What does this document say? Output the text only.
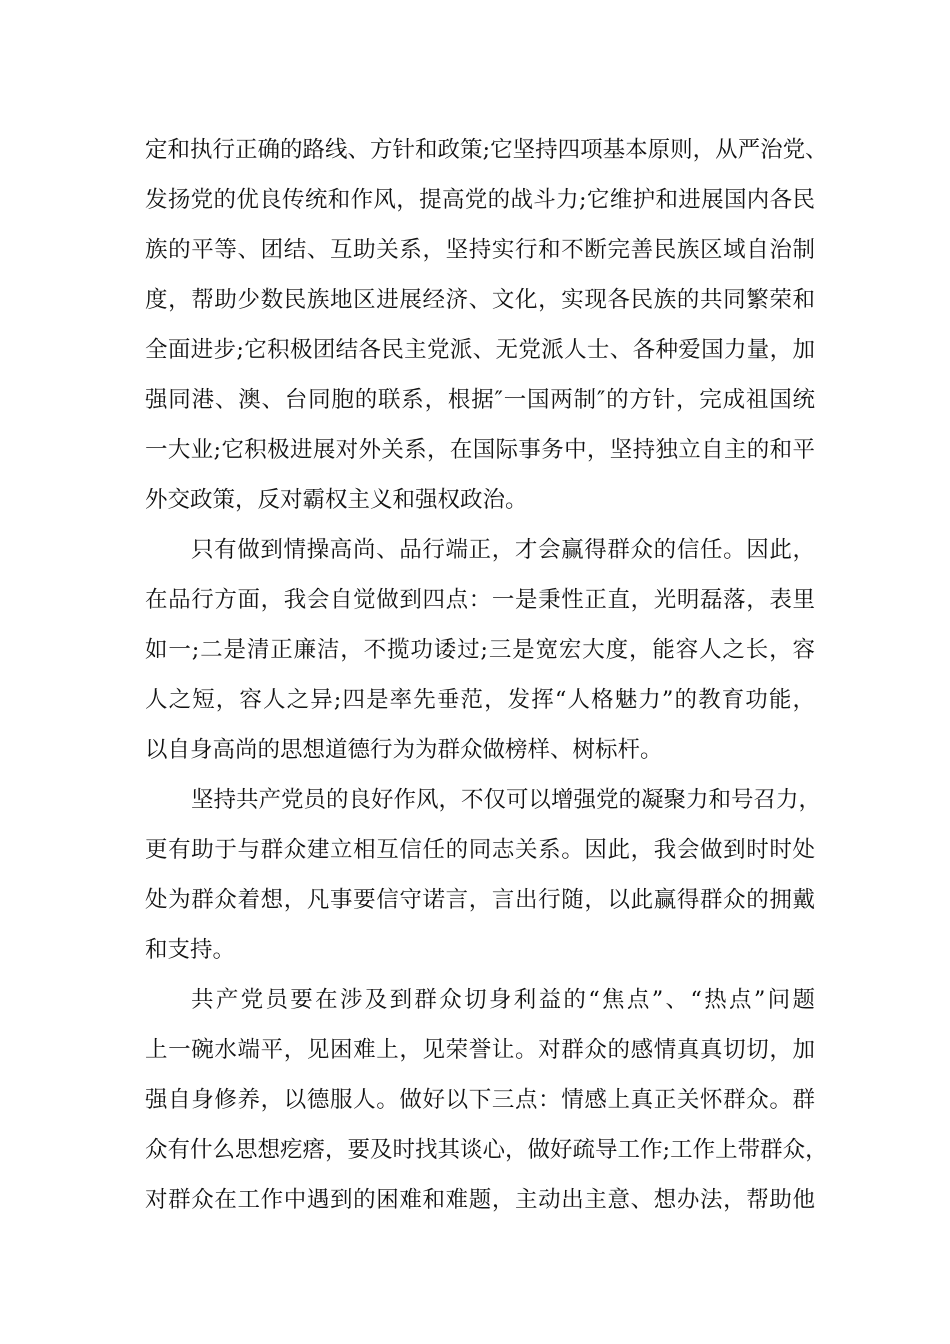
定和执行正确的路线、方针和政策;它坚持四项基本原则，从严治党、
发扬党的优良传统和作风，提高党的战斗力;它维护和进展国内各民
族的平等、团结、互助关系，坚持实行和不断完善民族区域自治制
度，帮助少数民族地区进展经济、文化，实现各民族的共同繁荣和
全面进步;它积极团结各民主党派、无党派人士、各种爱国力量，加
强同港、澳、台同胞的联系，根据″一国两制″的方针，完成祖国统
一大业;它积极进展对外关系，在国际事务中，坚持独立自主的和平
外交政策，反对霸权主义和强权政治。
只有做到情操高尚、品行端正，才会赢得群众的信任。因此，
在品行方面，我会自觉做到四点：一是秉性正直，光明磊落，表里
如一;二是清正廉洁，不揽功诿过;三是宽宏大度，能容人之长，容
人之短，容人之异;四是率先垂范，发挥“人格魅力”的教育功能，
以自身高尚的思想道德行为为群众做榜样、树标杆。
坚持共产党员的良好作风，不仅可以增强党的凝聚力和号召力，
更有助于与群众建立相互信任的同志关系。因此，我会做到时时处
处为群众着想，凡事要信守诺言，言出行随，以此赢得群众的拥戴
和支持。
共产党员要在涉及到群众切身利益的“焦点”、“热点”问题
上一碗水端平，见困难上，见荣誉让。对群众的感情真真切切，加
强自身修养，以德服人。做好以下三点：情感上真正关怀群众。群
众有什么思想疙瘩，要及时找其谈心，做好疏导工作;工作上带群众，
对群众在工作中遇到的困难和难题，主动出主意、想办法，帮助他
